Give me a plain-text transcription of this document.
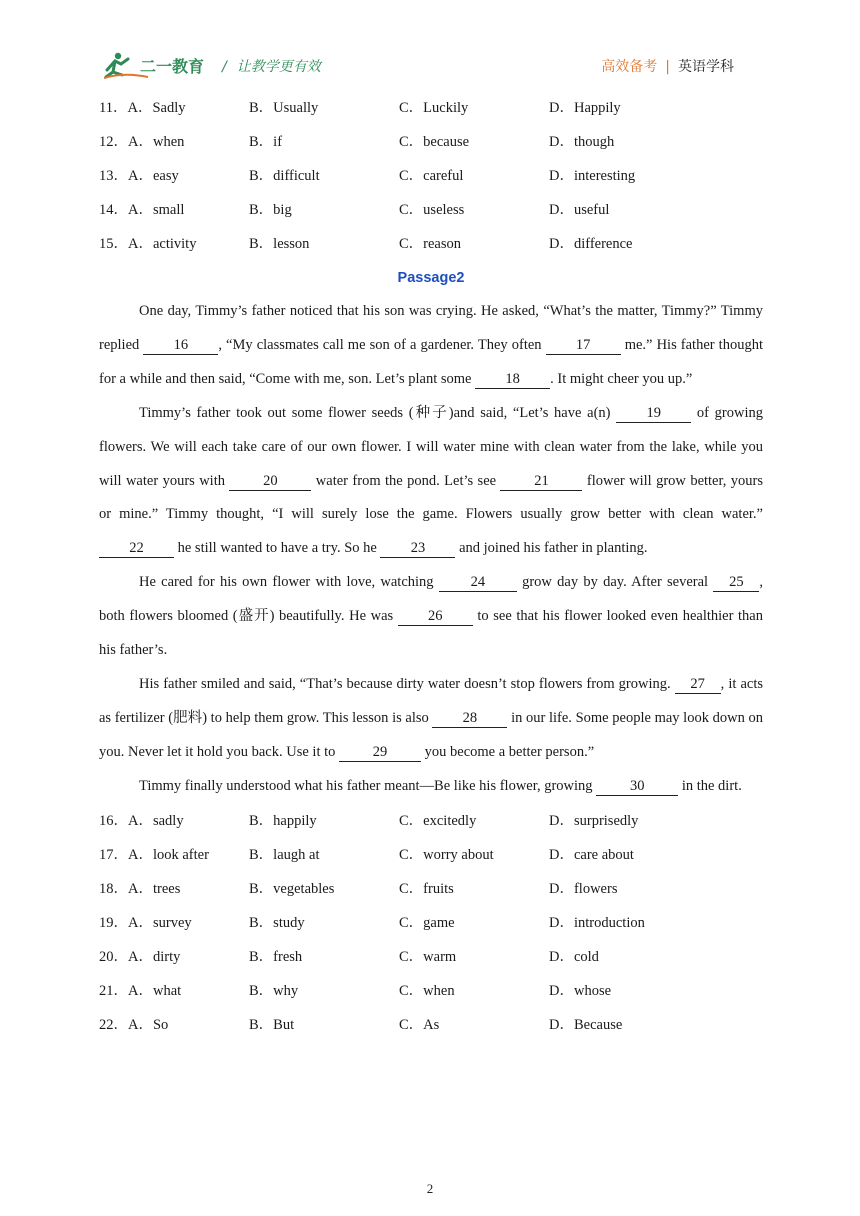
二一教育 / 让教学更有效	高效备考 | 英语学科
11．A．Sadly	B．Usually	C．Luckily	D．Happily
12．A．when	B．if	C．because	D．though
13．A．easy	B．difficult	C．careful	D．interesting
14．A．small	B．big	C．useless	D．useful
15．A．activity	B．lesson	C．reason	D．difference
Passage2

One day, Timmy’s father noticed that his son was crying. He asked, “What’s the matter, Timmy?” Timmy replied 16 , “My classmates call me son of a gardener. They often 17 me.” His father thought for a while and then said, “Come with me, son. Let’s plant some 18 . It might cheer you up.”

Timmy’s father took out some flower seeds (种子)and said, “Let’s have a(n) 19 of growing flowers. We will each take care of our own flower. I will water mine with clean water from the lake, while you will water yours with 20 water from the pond. Let’s see 21 flower will grow better, yours or mine.” Timmy thought, “I will surely lose the game. Flowers usually grow better with clean water.” 22 he still wanted to have a try. So he 23 and joined his father in planting.

He cared for his own flower with love, watching 24 grow day by day. After several 25 , both flowers bloomed (盛开) beautifully. He was 26 to see that his flower looked even healthier than his father’s.

His father smiled and said, “That’s because dirty water doesn’t stop flowers from growing. 27 , it acts as fertilizer (肥料) to help them grow. This lesson is also 28 in our life. Some people may look down on you. Never let it hold you back. Use it to 29 you become a better person.”

Timmy finally understood what his father meant—Be like his flower, growing 30 in the dirt.

16．A．sadly	B．happily	C．excitedly	D．surprisedly
17．A．look after	B．laugh at	C．worry about	D．care about
18．A．trees	B．vegetables	C．fruits	D．flowers
19．A．survey	B．study	C．game	D．introduction
20．A．dirty	B．fresh	C．warm	D．cold
21．A．what	B．why	C．when	D．whose
22．A．So	B．But	C．As	D．Because
2
